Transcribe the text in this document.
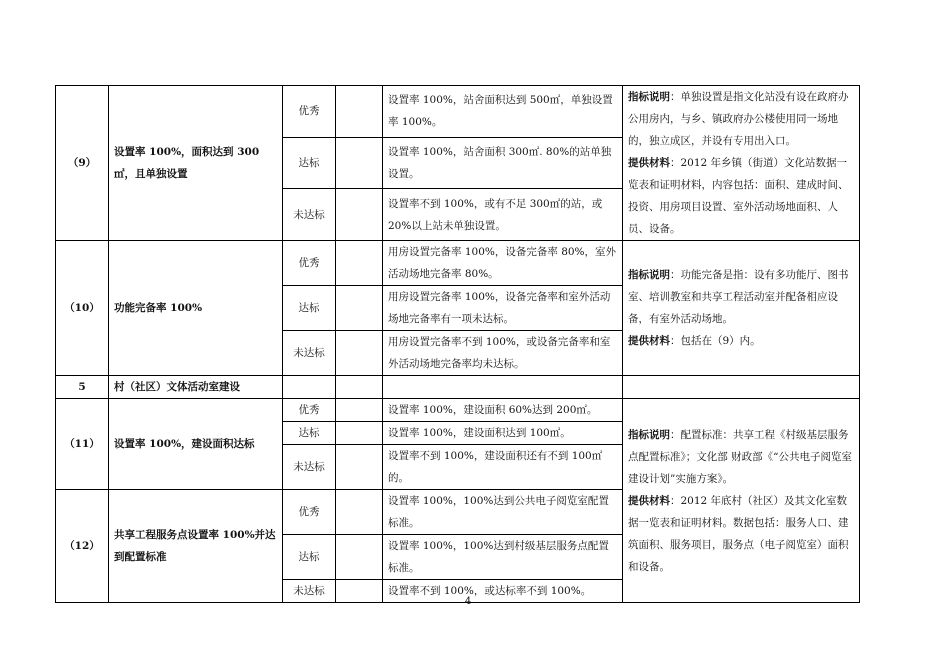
（9）	设置率 100%，面积达到 300㎡，且单独设置	优秀		设置率 100%，站舍面积达到 500㎡，单独设置率 100%。	指标说明：单独设置是指文化站没有设在政府办公用房内，与乡、镇政府办公楼使用同一场地的，独立成区，并设有专用出入口。
提供材料：2012 年乡镇（街道）文化站数据一览表和证明材料，内容包括：面积、建成时间、投资、用房项目设置、室外活动场地面积、人员、设备。
		达标		设置率 100%，站舍面积 300㎡. 80%的站单独设置。	
		未达标		设置率不到 100%，或有不足 300㎡的站，或 20%以上站未单独设置。	
（10）	功能完备率 100%	优秀		用房设置完备率 100%，设备完备率 80%，室外活动场地完备率 80%。	指标说明：功能完备是指：设有多功能厅、图书室、培训教室和共享工程活动室并配备相应设备，有室外活动场地。
提供材料：包括在（9）内。
		达标		用房设置完备率 100%，设备完备率和室外活动场地完备率有一项未达标。	
		未达标		用房设置完备率不到 100%，或设备完备率和室外活动场地完备率均未达标。	
5	村（社区）文体活动室建设				
（11）	设置率 100%，建设面积达标	优秀		设置率 100%，建设面积 60%达到 200㎡。	指标说明：配置标准：共享工程《村级基层服务点配置标准》；文化部 财政部《“公共电子阅览室建设计划”实施方案》。
提供材料：2012 年底村（社区）及其文化室数据一览表和证明材料。数据包括：服务人口、建筑面积、服务项目，服务点（电子阅览室）面积和设备。
		达标		设置率 100%，建设面积达到 100㎡。	
		未达标		设置率不到 100%，建设面积还有不到 100㎡的。	
（12）	共享工程服务点设置率 100%并达到配置标准	优秀		设置率 100%，100%达到公共电子阅览室配置标准。	
		达标		设置率 100%，100%达到村级基层服务点配置标准。	
		未达标		设置率不到 100%，或达标率不到 100%。	
4
